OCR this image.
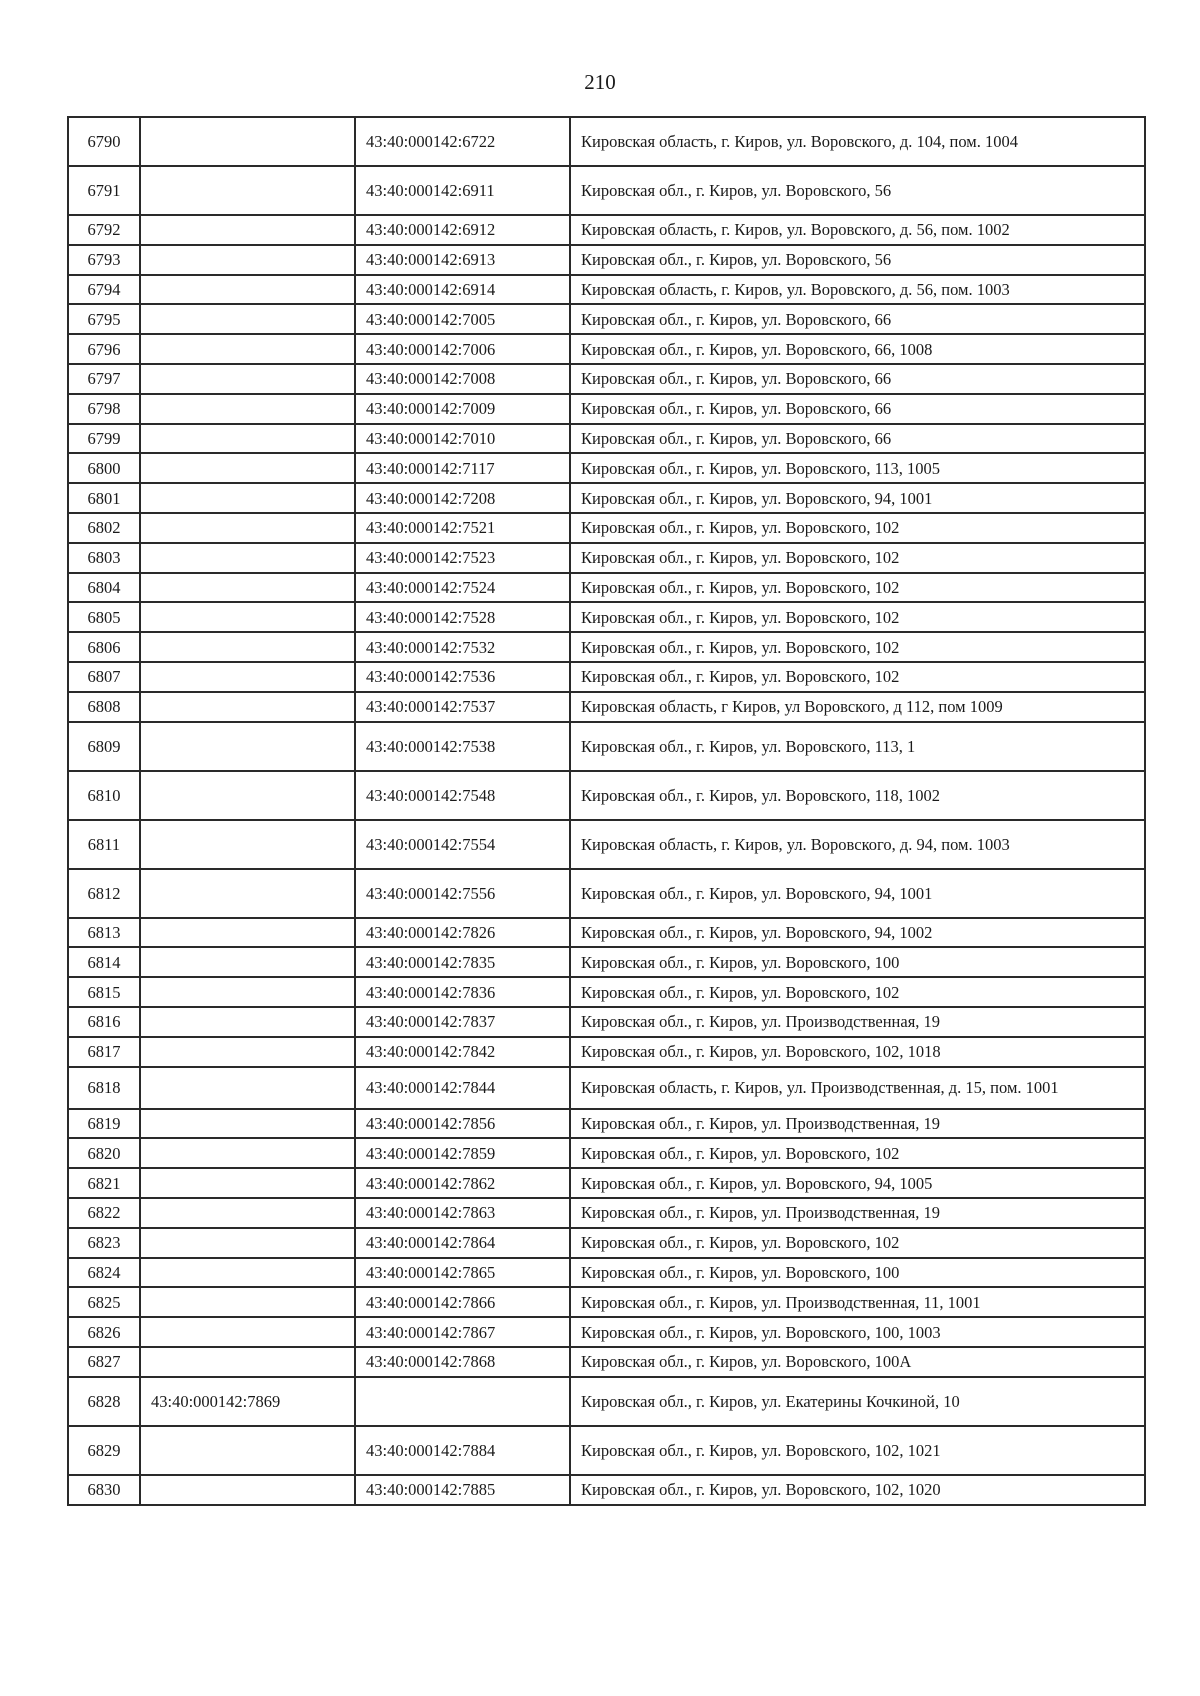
210
6790		43:40:000142:6722	Кировская область, г. Киров, ул. Воровского, д. 104, пом. 1004
6791		43:40:000142:6911	Кировская обл., г. Киров, ул. Воровского, 56
6792		43:40:000142:6912	Кировская область, г. Киров, ул. Воровского, д. 56, пом. 1002
6793		43:40:000142:6913	Кировская обл., г. Киров, ул. Воровского, 56
6794		43:40:000142:6914	Кировская область, г. Киров, ул. Воровского, д. 56, пом. 1003
6795		43:40:000142:7005	Кировская обл., г. Киров, ул. Воровского, 66
6796		43:40:000142:7006	Кировская обл., г. Киров, ул. Воровского, 66, 1008
6797		43:40:000142:7008	Кировская обл., г. Киров, ул. Воровского, 66
6798		43:40:000142:7009	Кировская обл., г. Киров, ул. Воровского, 66
6799		43:40:000142:7010	Кировская обл., г. Киров, ул. Воровского, 66
6800		43:40:000142:7117	Кировская обл., г. Киров, ул. Воровского, 113, 1005
6801		43:40:000142:7208	Кировская обл., г. Киров, ул. Воровского, 94, 1001
6802		43:40:000142:7521	Кировская обл., г. Киров, ул. Воровского, 102
6803		43:40:000142:7523	Кировская обл., г. Киров, ул. Воровского, 102
6804		43:40:000142:7524	Кировская обл., г. Киров, ул. Воровского, 102
6805		43:40:000142:7528	Кировская обл., г. Киров, ул. Воровского, 102
6806		43:40:000142:7532	Кировская обл., г. Киров, ул. Воровского, 102
6807		43:40:000142:7536	Кировская обл., г. Киров, ул. Воровского, 102
6808		43:40:000142:7537	Кировская область, г Киров, ул Воровского, д 112, пом 1009
6809		43:40:000142:7538	Кировская обл., г. Киров, ул. Воровского, 113, 1
6810		43:40:000142:7548	Кировская обл., г. Киров, ул. Воровского, 118, 1002
6811		43:40:000142:7554	Кировская область, г. Киров, ул. Воровского, д. 94, пом. 1003
6812		43:40:000142:7556	Кировская обл., г. Киров, ул. Воровского, 94, 1001
6813		43:40:000142:7826	Кировская обл., г. Киров, ул. Воровского, 94, 1002
6814		43:40:000142:7835	Кировская обл., г. Киров, ул. Воровского, 100
6815		43:40:000142:7836	Кировская обл., г. Киров, ул. Воровского, 102
6816		43:40:000142:7837	Кировская обл., г. Киров, ул. Производственная, 19
6817		43:40:000142:7842	Кировская обл., г. Киров, ул. Воровского, 102, 1018
6818		43:40:000142:7844	Кировская область, г. Киров, ул. Производственная, д. 15, пом. 1001
6819		43:40:000142:7856	Кировская обл., г. Киров, ул. Производственная, 19
6820		43:40:000142:7859	Кировская обл., г. Киров, ул. Воровского, 102
6821		43:40:000142:7862	Кировская обл., г. Киров, ул. Воровского, 94, 1005
6822		43:40:000142:7863	Кировская обл., г. Киров, ул. Производственная, 19
6823		43:40:000142:7864	Кировская обл., г. Киров, ул. Воровского, 102
6824		43:40:000142:7865	Кировская обл., г. Киров, ул. Воровского, 100
6825		43:40:000142:7866	Кировская обл., г. Киров, ул. Производственная, 11, 1001
6826		43:40:000142:7867	Кировская обл., г. Киров, ул. Воровского, 100, 1003
6827		43:40:000142:7868	Кировская обл., г. Киров, ул. Воровского, 100А
6828	43:40:000142:7869		Кировская обл., г. Киров, ул. Екатерины Кочкиной, 10
6829		43:40:000142:7884	Кировская обл., г. Киров, ул. Воровского, 102, 1021
6830		43:40:000142:7885	Кировская обл., г. Киров, ул. Воровского, 102, 1020
